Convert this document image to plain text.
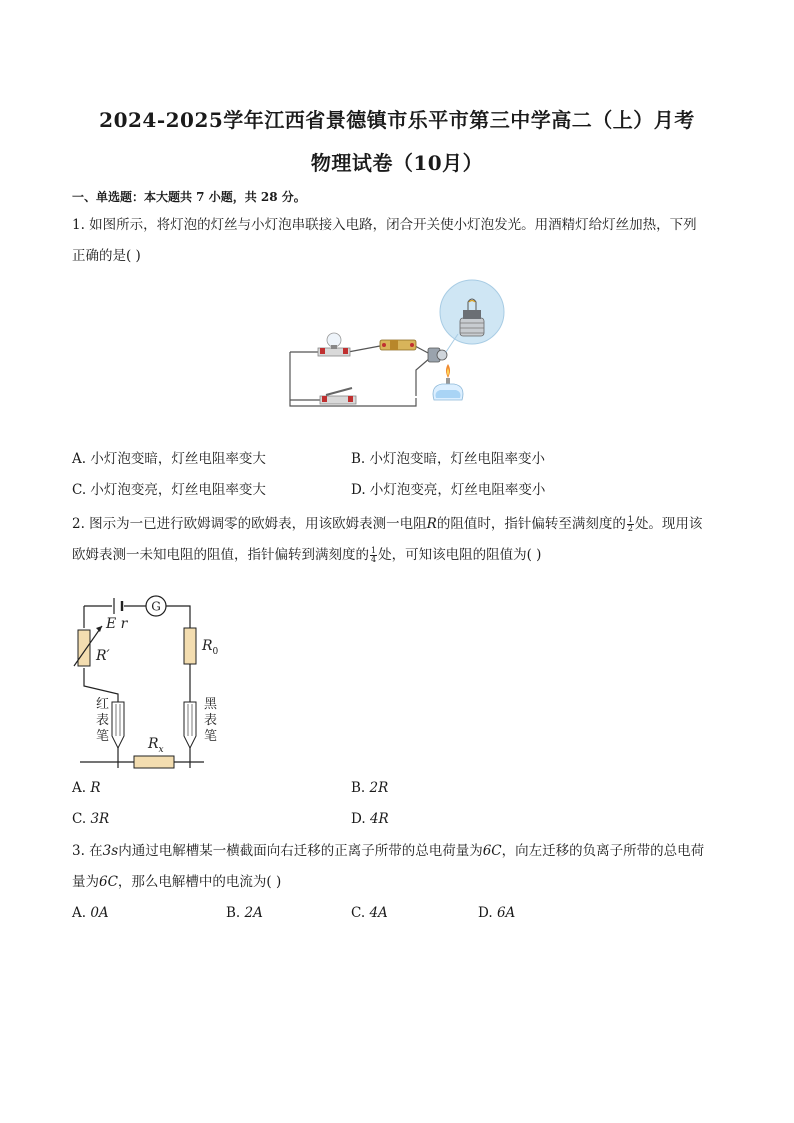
2024-2025学年江西省景德镇市乐平市第三中学高二（上）月考
物理试卷（10月）
一、单选题：本大题共 7 小题，共 28 分。
1. 如图所示，将灯泡的灯丝与小灯泡串联接入电路，闭合开关使小灯泡发光。用酒精灯给灯丝加热，下列
正确的是( )
A. 小灯泡变暗，灯丝电阻率变大	B. 小灯泡变暗，灯丝电阻率变小
C. 小灯泡变亮，灯丝电阻率变大	D. 小灯泡变亮，灯丝电阻率变小
2. 图示为一已进行欧姆调零的欧姆表，用该欧姆表测一电阻R的阻值时，指针偏转至满刻度的 $\frac{1}{2}$ 处。现用该
欧姆表测一未知电阻的阻值，指针偏转到满刻度的 $\frac{1}{4}$ 处，可知该电阻的阻值为( )
G
E r
R′
$R_0$
红
表
笔
黑
表
笔
$R_x$
A. R	B. 2R
C. 3R	D. 4R
3. 在3s内通过电解槽某一横截面向右迁移的正离子所带的总电荷量为6C，向左迁移的负离子所带的总电荷
量为6C，那么电解槽中的电流为( )
A. 0A	B. 2A	C. 4A	D. 6A
